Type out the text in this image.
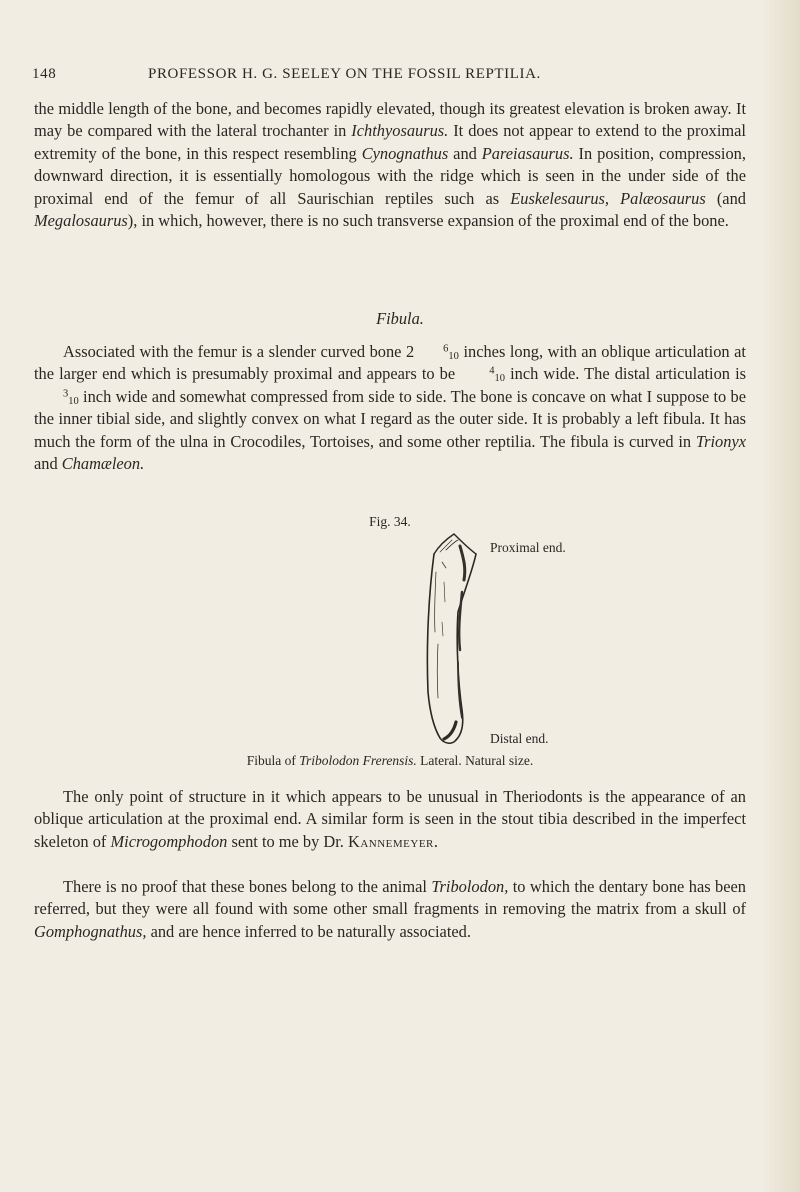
148	PROFESSOR H. G. SEELEY ON THE FOSSIL REPTILIA.

the middle length of the bone, and becomes rapidly elevated, though its greatest elevation is broken away. It may be compared with the lateral trochanter in Ichthyosaurus. It does not appear to extend to the proximal extremity of the bone, in this respect resembling Cynognathus and Pareiasaurus. In position, compression, downward direction, it is essentially homologous with the ridge which is seen in the under side of the proximal end of the femur of all Saurischian reptiles such as Euskelesaurus, Palæosaurus (and Megalosaurus), in which, however, there is no such transverse expansion of the proximal end of the bone.

Fibula.

Associated with the femur is a slender curved bone 2	$^6_{10}$ inches long, with an oblique articulation at the larger end which is presumably proximal and appears to be	$^4_{10}$ inch wide. The distal articulation is $^3_{10}$ inch wide and somewhat compressed from side to side. The bone is concave on what I suppose to be the inner tibial side, and slightly convex on what I regard as the outer side. It is probably a left fibula. It has much the form of the ulna in Crocodiles, Tortoises, and some other reptilia. The fibula is curved in Trionyx and Chamæleon.

Fig. 34.
Proximal end.
Distal end.
Fibula of Tribolodon Frerensis. Lateral. Natural size.

The only point of structure in it which appears to be unusual in Theriodonts is the appearance of an oblique articulation at the proximal end. A similar form is seen in the stout tibia described in the imperfect skeleton of Microgomphodon sent to me by Dr. Kannemeyer.

There is no proof that these bones belong to the animal Tribolodon, to which the dentary bone has been referred, but they were all found with some other small fragments in removing the matrix from a skull of Gomphognathus, and are hence inferred to be naturally associated.
